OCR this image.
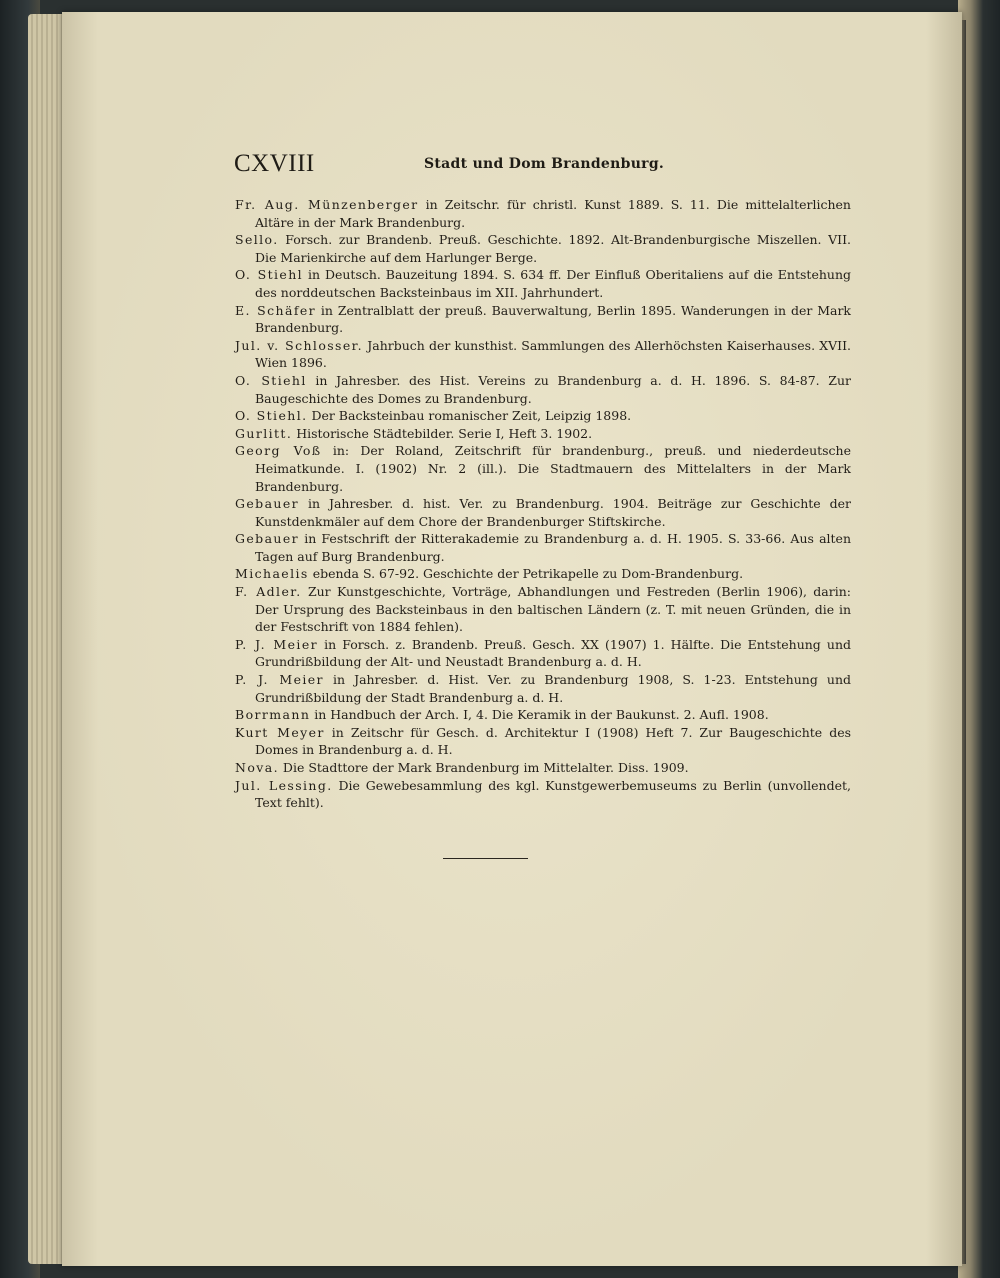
CXVIII	Stadt und Dom Brandenburg.
Fr. Aug. Münzenberger in Zeitschr. für christl. Kunst 1889. S. 11. Die mittelalterlichen Altäre in der Mark Brandenburg.
Sello. Forsch. zur Brandenb. Preuß. Geschichte. 1892. Alt-Brandenburgische Miszellen. VII. Die Marienkirche auf dem Harlunger Berge.
O. Stiehl in Deutsch. Bauzeitung 1894. S. 634 ff. Der Einfluß Oberitaliens auf die Entstehung des norddeutschen Backsteinbaus im XII. Jahrhundert.
E. Schäfer in Zentralblatt der preuß. Bauverwaltung, Berlin 1895. Wanderungen in der Mark Brandenburg.
Jul. v. Schlosser. Jahrbuch der kunsthist. Sammlungen des Allerhöchsten Kaiserhauses. XVII. Wien 1896.
O. Stiehl in Jahresber. des Hist. Vereins zu Brandenburg a. d. H. 1896. S. 84-87. Zur Baugeschichte des Domes zu Brandenburg.
O. Stiehl. Der Backsteinbau romanischer Zeit, Leipzig 1898.
Gurlitt. Historische Städtebilder. Serie I, Heft 3. 1902.
Georg Voß in: Der Roland, Zeitschrift für brandenburg., preuß. und niederdeutsche Heimatkunde. I. (1902) Nr. 2 (ill.). Die Stadtmauern des Mittelalters in der Mark Brandenburg.
Gebauer in Jahresber. d. hist. Ver. zu Brandenburg. 1904. Beiträge zur Geschichte der Kunstdenkmäler auf dem Chore der Brandenburger Stiftskirche.
Gebauer in Festschrift der Ritterakademie zu Brandenburg a. d. H. 1905. S. 33-66. Aus alten Tagen auf Burg Brandenburg.
Michaelis ebenda S. 67-92. Geschichte der Petrikapelle zu Dom-Brandenburg.
F. Adler. Zur Kunstgeschichte, Vorträge, Abhandlungen und Festreden (Berlin 1906), darin: Der Ursprung des Backsteinbaus in den baltischen Ländern (z. T. mit neuen Gründen, die in der Festschrift von 1884 fehlen).
P. J. Meier in Forsch. z. Brandenb. Preuß. Gesch. XX (1907) 1. Hälfte. Die Entstehung und Grundrißbildung der Alt- und Neustadt Brandenburg a. d. H.
P. J. Meier in Jahresber. d. Hist. Ver. zu Brandenburg 1908, S. 1-23. Entstehung und Grundrißbildung der Stadt Brandenburg a. d. H.
Borrmann in Handbuch der Arch. I, 4. Die Keramik in der Baukunst. 2. Aufl. 1908.
Kurt Meyer in Zeitschr für Gesch. d. Architektur I (1908) Heft 7. Zur Baugeschichte des Domes in Brandenburg a. d. H.
Nova. Die Stadttore der Mark Brandenburg im Mittelalter. Diss. 1909.
Jul. Lessing. Die Gewebesammlung des kgl. Kunstgewerbemuseums zu Berlin (unvollendet, Text fehlt).
